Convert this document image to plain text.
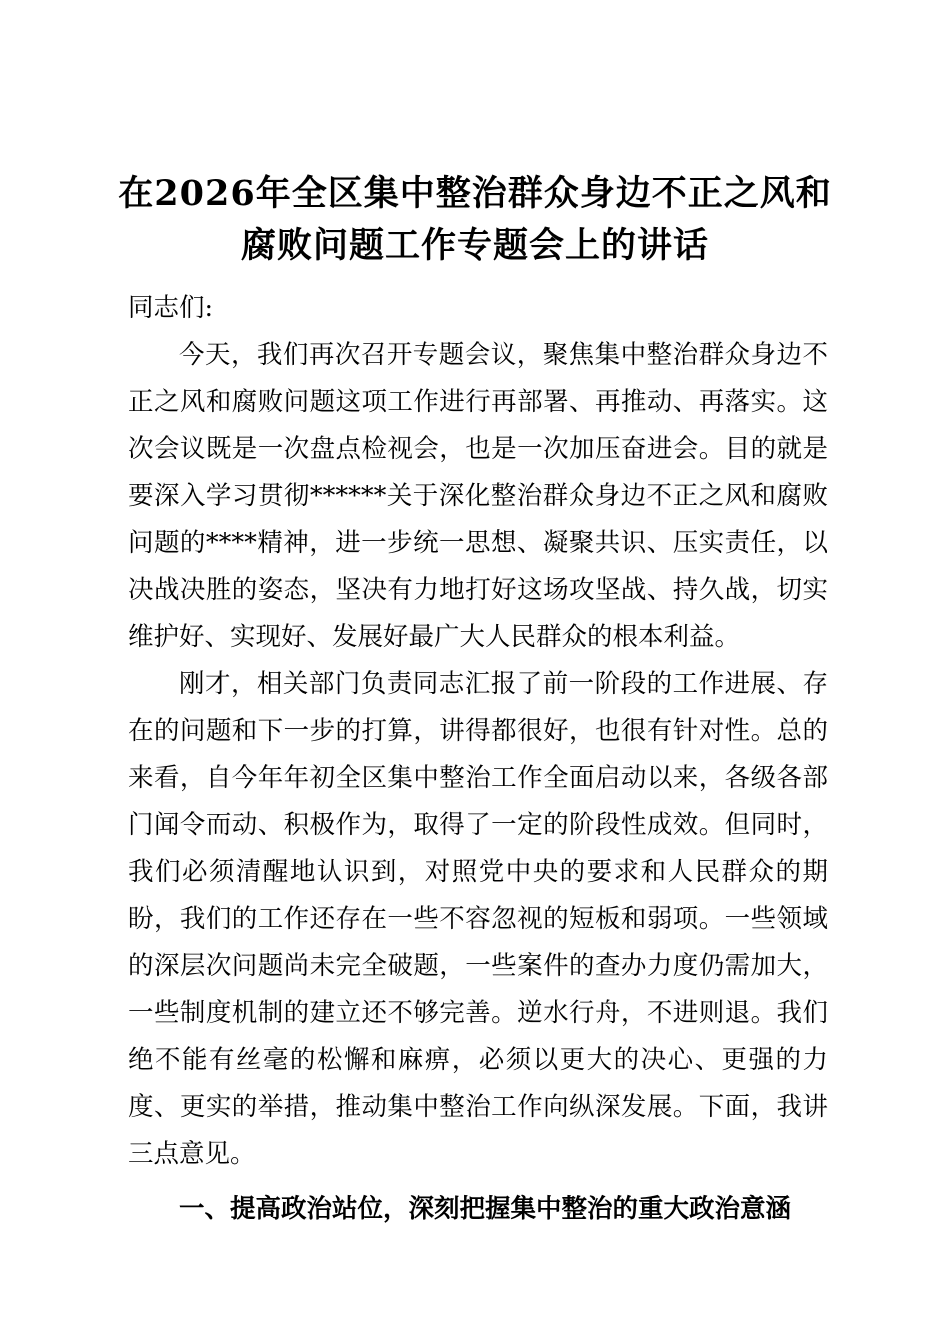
在2026年全区集中整治群众身边不正之风和
腐败问题工作专题会上的讲话

同志们:

今天，我们再次召开专题会议，聚焦集中整治群众身边不正之风和腐败问题这项工作进行再部署、再推动、再落实。这次会议既是一次盘点检视会，也是一次加压奋进会。目的就是要深入学习贯彻******关于深化整治群众身边不正之风和腐败问题的****精神，进一步统一思想、凝聚共识、压实责任，以决战决胜的姿态，坚决有力地打好这场攻坚战、持久战，切实维护好、实现好、发展好最广大人民群众的根本利益。

刚才，相关部门负责同志汇报了前一阶段的工作进展、存在的问题和下一步的打算，讲得都很好，也很有针对性。总的来看，自今年年初全区集中整治工作全面启动以来，各级各部门闻令而动、积极作为，取得了一定的阶段性成效。但同时，我们必须清醒地认识到，对照党中央的要求和人民群众的期盼，我们的工作还存在一些不容忽视的短板和弱项。一些领域的深层次问题尚未完全破题，一些案件的查办力度仍需加大，一些制度机制的建立还不够完善。逆水行舟，不进则退。我们绝不能有丝毫的松懈和麻痹，必须以更大的决心、更强的力度、更实的举措，推动集中整治工作向纵深发展。下面，我讲三点意见。

一、提高政治站位，深刻把握集中整治的重大政治意涵
